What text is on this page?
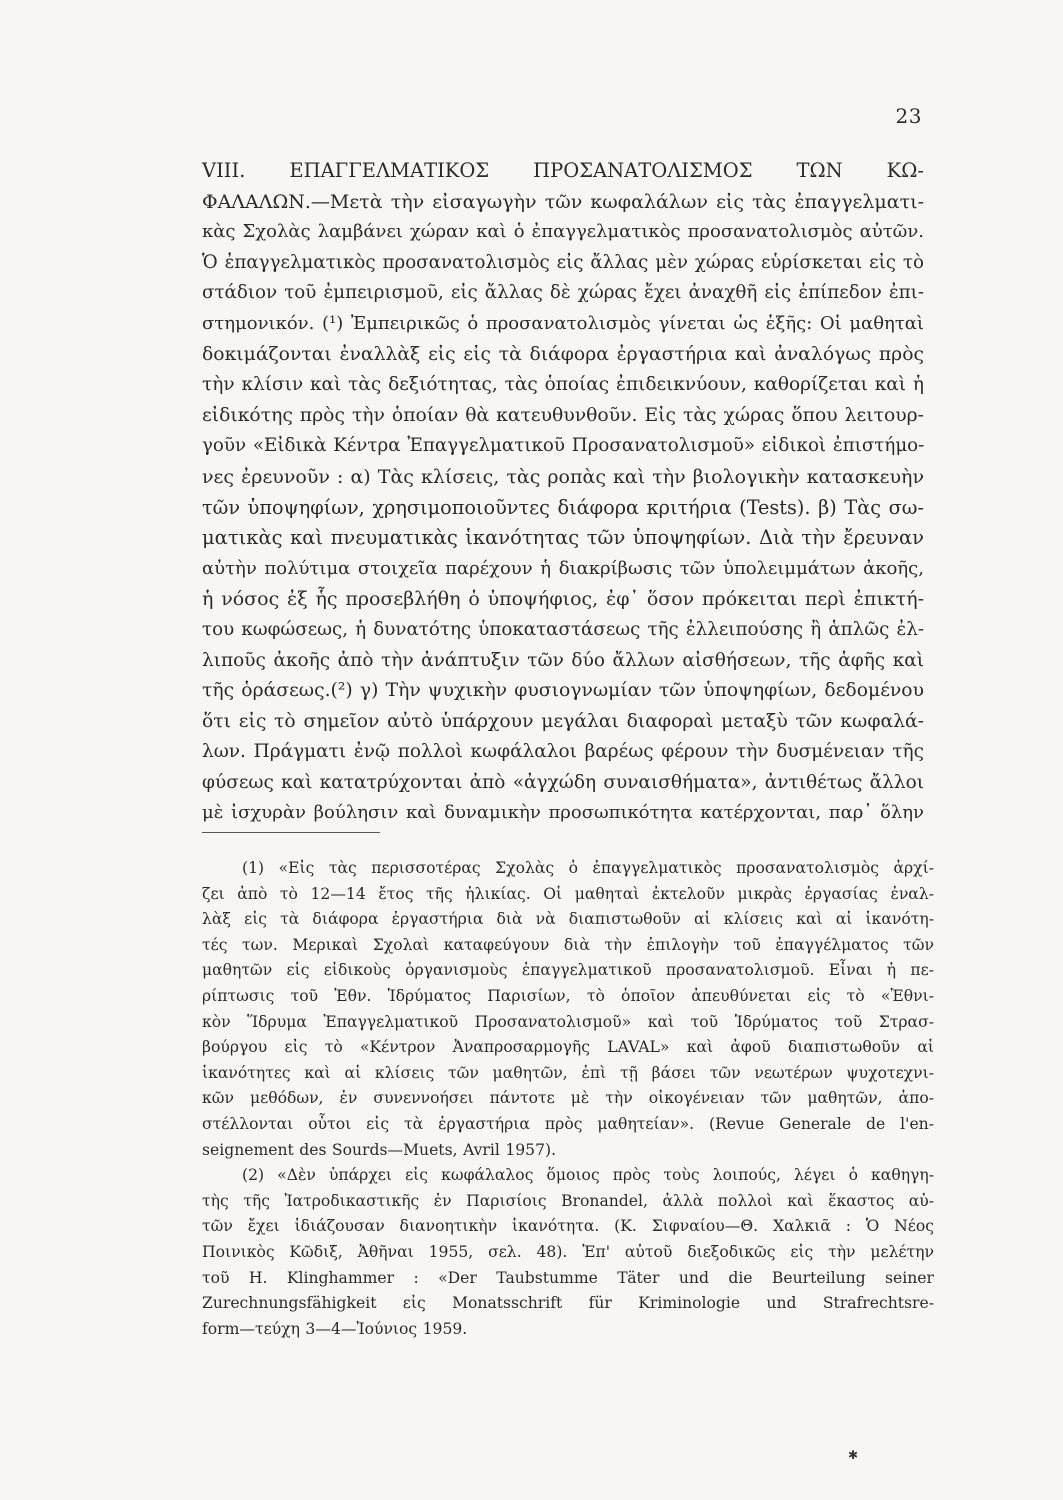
23
VIII. ΕΠΑΓΓΕΛΜΑΤΙΚΟΣ ΠΡΟΣΑΝΑΤΟΛΙΣΜΟΣ ΤΩΝ ΚΩ-
ΦΑΛΑΛΩΝ.—Μετὰ τὴν εἰσαγωγὴν τῶν κωφαλάλων εἰς τὰς ἐπαγγελματι-
κὰς Σχολὰς λαμβάνει χώραν καὶ ὁ ἐπαγγελματικὸς προσανατολισμὸς αὐτῶν.
Ὁ ἐπαγγελματικὸς προσανατολισμὸς εἰς ἄλλας μὲν χώρας εὑρίσκεται εἰς τὸ
στάδιον τοῦ ἐμπειρισμοῦ, εἰς ἄλλας δὲ χώρας ἔχει ἀναχθῆ εἰς ἐπίπεδον ἐπι-
στημονικόν. (¹) Ἐμπειρικῶς ὁ προσανατολισμὸς γίνεται ὡς ἑξῆς: Οἱ μαθηταὶ
δοκιμάζονται ἐναλλὰξ εἰς εἰς τὰ διάφορα ἐργαστήρια καὶ ἀναλόγως πρὸς
τὴν κλίσιν καὶ τὰς δεξιότητας, τὰς ὁποίας ἐπιδεικνύουν, καθορίζεται καὶ ἡ
εἰδικότης πρὸς τὴν ὁποίαν θὰ κατευθυνθοῦν. Εἰς τὰς χώρας ὅπου λειτουρ-
γοῦν «Εἰδικὰ Κέντρα Ἐπαγγελματικοῦ Προσανατολισμοῦ» εἰδικοὶ ἐπιστήμο-
νες ἐρευνοῦν : α) Τὰς κλίσεις, τὰς ροπὰς καὶ τὴν βιολογικὴν κατασκευὴν
τῶν ὑποψηφίων, χρησιμοποιοῦντες διάφορα κριτήρια (Tests). β) Τὰς σω-
ματικὰς καὶ πνευματικὰς ἱκανότητας τῶν ὑποψηφίων. Διὰ τὴν ἔρευναν
αὐτὴν πολύτιμα στοιχεῖα παρέχουν ἡ διακρίβωσις τῶν ὑπολειμμάτων ἀκοῆς,
ἡ νόσος ἐξ ἧς προσεβλήθη ὁ ὑποψήφιος, ἐφ᾽ ὅσον πρόκειται περὶ ἐπικτή-
του κωφώσεως, ἡ δυνατότης ὑποκαταστάσεως τῆς ἐλλειπούσης ἢ ἁπλῶς ἐλ-
λιποῦς ἀκοῆς ἀπὸ τὴν ἀνάπτυξιν τῶν δύο ἄλλων αἰσθήσεων, τῆς ἁφῆς καὶ
τῆς ὁράσεως.(²) γ) Τὴν ψυχικὴν φυσιογνωμίαν τῶν ὑποψηφίων, δεδομένου
ὅτι εἰς τὸ σημεῖον αὐτὸ ὑπάρχουν μεγάλαι διαφοραὶ μεταξὺ τῶν κωφαλά-
λων. Πράγματι ἐνῷ πολλοὶ κωφάλαλοι βαρέως φέρουν τὴν δυσμένειαν τῆς
φύσεως καὶ κατατρύχονται ἀπὸ «ἀγχώδη συναισθήματα», ἀντιθέτως ἄλλοι
μὲ ἰσχυρὰν βούλησιν καὶ δυναμικὴν προσωπικότητα κατέρχονται, παρ᾽ ὅλην
(1) «Εἰς τὰς περισσοτέρας Σχολὰς ὁ ἐπαγγελματικὸς προσανατολισμὸς ἀρχί-
ζει ἀπὸ τὸ 12—14 ἔτος τῆς ἡλικίας. Οἱ μαθηταὶ ἐκτελοῦν μικρὰς ἐργασίας ἐναλ-
λὰξ εἰς τὰ διάφορα ἐργαστήρια διὰ νὰ διαπιστωθοῦν αἱ κλίσεις καὶ αἱ ἱκανότη-
τές των. Μερικαὶ Σχολαὶ καταφεύγουν διὰ τὴν ἐπιλογὴν τοῦ ἐπαγγέλματος τῶν
μαθητῶν εἰς εἰδικοὺς ὀργανισμοὺς ἐπαγγελματικοῦ προσανατολισμοῦ. Εἶναι ἡ πε-
ρίπτωσις τοῦ Ἐθν. Ἱδρύματος Παρισίων, τὸ ὁποῖον ἀπευθύνεται εἰς τὸ «Ἐθνι-
κὸν Ἵδρυμα Ἐπαγγελματικοῦ Προσανατολισμοῦ» καὶ τοῦ Ἱδρύματος τοῦ Στρασ-
βούργου εἰς τὸ «Κέντρον Ἀναπροσαρμογῆς LAVAL» καὶ ἀφοῦ διαπιστωθοῦν αἱ
ἱκανότητες καὶ αἱ κλίσεις τῶν μαθητῶν, ἐπὶ τῇ βάσει τῶν νεωτέρων ψυχοτεχνι-
κῶν μεθόδων, ἐν συνεννοήσει πάντοτε μὲ τὴν οἰκογένειαν τῶν μαθητῶν, ἀπο-
στέλλονται οὗτοι εἰς τὰ ἐργαστήρια πρὸς μαθητείαν». (Revue Generale de l'en-
seignement des Sourds—Muets, Avril 1957).
(2) «Δὲν ὑπάρχει εἰς κωφάλαλος ὅμοιος πρὸς τοὺς λοιπούς, λέγει ὁ καθηγη-
τὴς τῆς Ἰατροδικαστικῆς ἐν Παρισίοις Bronandel, ἀλλὰ πολλοὶ καὶ ἕκαστος αὐ-
τῶν ἔχει ἰδιάζουσαν διανοητικὴν ἱκανότητα. (Κ. Σιφναίου—Θ. Χαλκιᾶ : Ὁ Νέος
Ποινικὸς Κῶδιξ, Ἀθῆναι 1955, σελ. 48). Ἐπ' αὐτοῦ διεξοδικῶς εἰς τὴν μελέτην
τοῦ H. Klinghammer : «Der Taubstumme Täter und die Beurteilung seiner
Zurechnungsfähigkeit εἰς Monatsschrift für Kriminologie und Strafrechtsre-
form—τεύχη 3—4—Ἰούνιος 1959.
✱
